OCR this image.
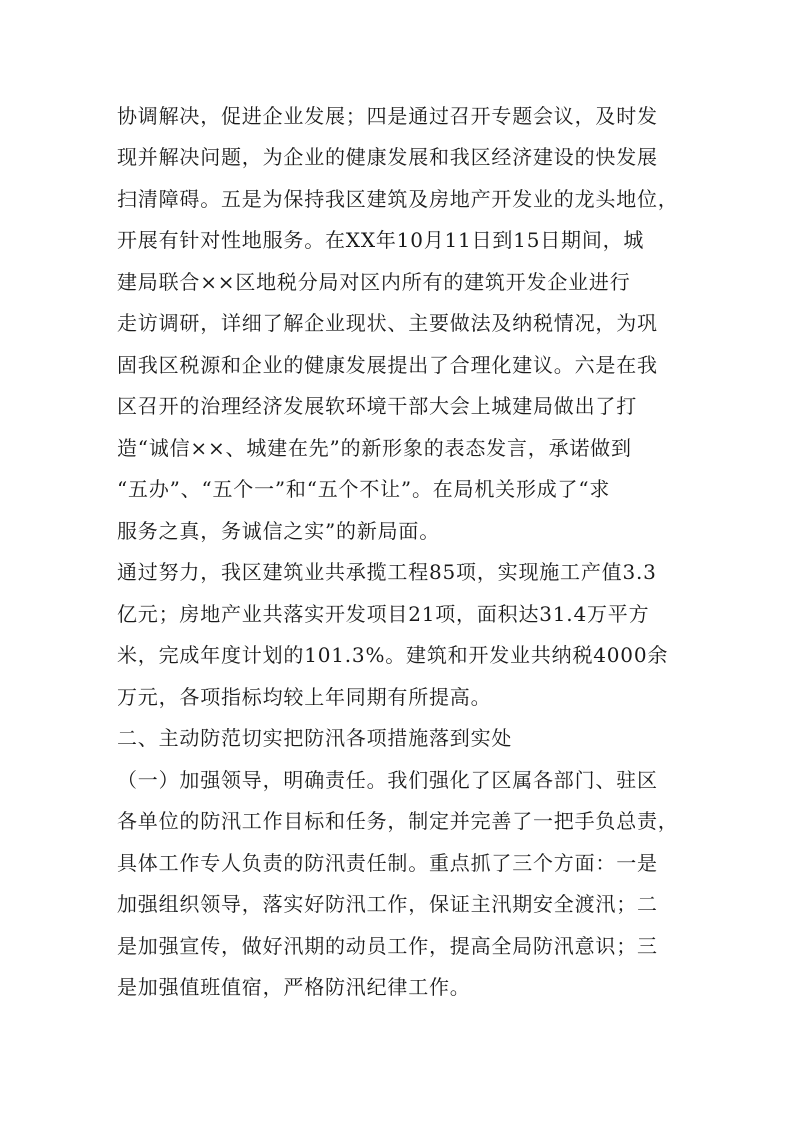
协调解决，促进企业发展；四是通过召开专题会议，及时发
现并解决问题，为企业的健康发展和我区经济建设的快发展
扫清障碍。五是为保持我区建筑及房地产开发业的龙头地位，
开展有针对性地服务。在XX年10月11日到15日期间，城
建局联合××区地税分局对区内所有的建筑开发企业进行
走访调研，详细了解企业现状、主要做法及纳税情况，为巩
固我区税源和企业的健康发展提出了合理化建议。六是在我
区召开的治理经济发展软环境干部大会上城建局做出了打
造“诚信××、城建在先”的新形象的表态发言，承诺做到
“五办”、“五个一”和“五个不让”。在局机关形成了“求
服务之真，务诚信之实”的新局面。
通过努力，我区建筑业共承揽工程85项，实现施工产值3.3
亿元；房地产业共落实开发项目21项，面积达31.4万平方
米，完成年度计划的101.3%。建筑和开发业共纳税4000余
万元，各项指标均较上年同期有所提高。
二、主动防范切实把防汛各项措施落到实处
（一）加强领导，明确责任。我们强化了区属各部门、驻区
各单位的防汛工作目标和任务，制定并完善了一把手负总责，
具体工作专人负责的防汛责任制。重点抓了三个方面：一是
加强组织领导，落实好防汛工作，保证主汛期安全渡汛；二
是加强宣传，做好汛期的动员工作，提高全局防汛意识；三
是加强值班值宿，严格防汛纪律工作。
